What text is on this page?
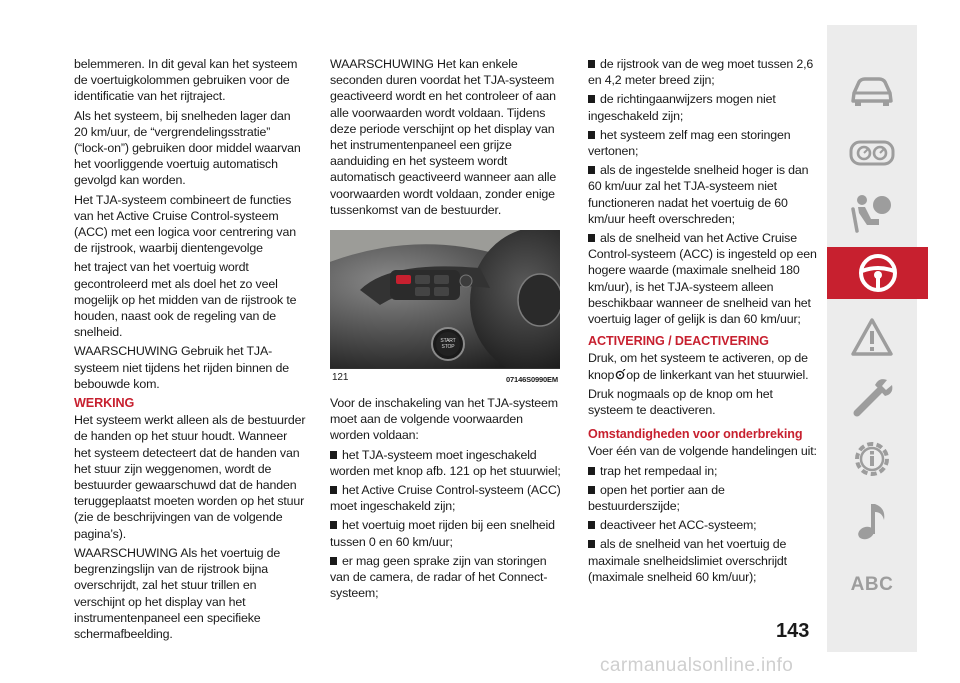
belemmeren. In dit geval kan het systeem de voertuigkolommen gebruiken voor de identificatie van het rijtraject.

Als het systeem, bij snelheden lager dan 20 km/uur, de “vergrendelingsstratie” (“lock-on”) gebruiken door middel waarvan het voorliggende voertuig automatisch gevolgd kan worden.

Het TJA-systeem combineert de functies van het Active Cruise Control-systeem (ACC) met een logica voor centrering van de rijstrook, waarbij dientengevolge

het traject van het voertuig wordt gecontroleerd met als doel het zo veel mogelijk op het midden van de rijstrook te houden, naast ook de regeling van de snelheid.

WAARSCHUWING Gebruik het TJA-systeem niet tijdens het rijden binnen de bebouwde kom.

WERKING

Het systeem werkt alleen als de bestuurder de handen op het stuur houdt. Wanneer het systeem detecteert dat de handen van het stuur zijn weggenomen, wordt de bestuurder gewaarschuwd dat de handen teruggeplaatst moeten worden op het stuur (zie de beschrijvingen van de volgende pagina’s).

WAARSCHUWING Als het voertuig de begrenzingslijn van de rijstrook bijna overschrijdt, zal het stuur trillen en verschijnt op het display van het instrumentenpaneel een specifieke schermafbeelding.

WAARSCHUWING Het kan enkele seconden duren voordat het TJA-systeem geactiveerd wordt en het controleer of aan alle voorwaarden wordt voldaan. Tijdens deze periode verschijnt op het display van het instrumentenpaneel een grijze aanduiding en het systeem wordt automatisch geactiveerd wanneer aan alle voorwaarden wordt voldaan, zonder enige tussenkomst van de bestuurder.

START
STOP
121	07146S0990EM

Voor de inschakeling van het TJA-systeem moet aan de volgende voorwaarden worden voldaan:

het TJA-systeem moet ingeschakeld worden met knop afb. 121 op het stuurwiel;
het Active Cruise Control-systeem (ACC) moet ingeschakeld zijn;
het voertuig moet rijden bij een snelheid tussen 0 en 60 km/uur;
er mag geen sprake zijn van storingen van de camera, de radar of het Connect-systeem;
de rijstrook van de weg moet tussen 2,6 en 4,2 meter breed zijn;
de richtingaanwijzers mogen niet ingeschakeld zijn;
het systeem zelf mag een storingen vertonen;
als de ingestelde snelheid hoger is dan 60 km/uur zal het TJA-systeem niet functioneren nadat het voertuig de 60 km/uur heeft overschreden;
als de snelheid van het Active Cruise Control-systeem (ACC) is ingesteld op een hogere waarde (maximale snelheid 180 km/uur), is het TJA-systeem alleen beschikbaar wanneer de snelheid van het voertuig lager of gelijk is dan 60 km/uur;
ACTIVERING / DEACTIVERING

Druk, om het systeem te activeren, op de knop op de linkerkant van het stuurwiel.

Druk nogmaals op de knop om het systeem te deactiveren.

Omstandigheden voor onderbreking

Voer één van de volgende handelingen uit:

trap het rempedaal in;
open het portier aan de bestuurderszijde;
deactiveer het ACC-systeem;
als de snelheid van het voertuig de maximale snelheidslimiet overschrijdt (maximale snelheid 60 km/uur);	ABC
143
carmanualsonline.info
